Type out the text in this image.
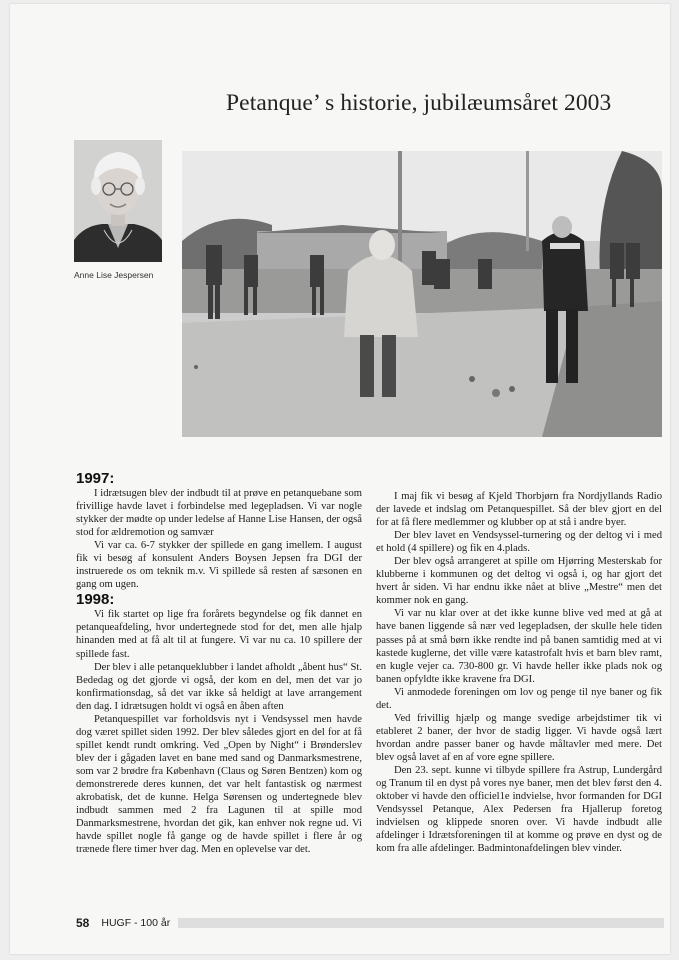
Petanque’ s historie, jubilæumsåret 2003
Anne Lise Jespersen
1997:

I idrætsugen blev der indbudt til at prøve en petanquebane som frivillige havde lavet i forbindelse med legepladsen. Vi var nogle stykker der mødte op under ledelse af Hanne Lise Hansen, der også stod for ældremotion og samvær

Vi var ca. 6-7 stykker der spillede en gang imellem. I august fik vi besøg af konsulent Anders Boysen Jepsen fra DGI der instruerede os om teknik m.v. Vi spillede så resten af sæsonen en gang om ugen.

1998:

Vi fik startet op lige fra forårets begyndelse og fik dannet en petanqueafdeling, hvor undertegnede stod for det, men alle hjalp hinanden med at få alt til at fungere. Vi var nu ca. 10 spillere der spillede fast.

Der blev i alle petanqueklubber i landet afholdt „åbent hus“ St. Bededag og det gjorde vi også, der kom en del, men det var jo konfirmationsdag, så det var ikke så heldigt at lave arrangement den dag. I idrætsugen holdt vi også en åben aften

Petanquespillet var forholdsvis nyt i Vendsyssel men havde dog været spillet siden 1992. Der blev således gjort en del for at få spillet kendt rundt omkring. Ved „Open by Night“ i Brønderslev blev der i gågaden lavet en bane med sand og Danmarksmestrene, som var 2 brødre fra København (Claus og Søren Bentzen) kom og demonstrerede deres kunnen, det var helt fantastisk og nærmest akrobatisk, det de kunne. Helga Sørensen og undertegnede blev indbudt sammen med 2 fra Lagunen til at spille mod Danmarksmestrene, hvordan det gik, kan enhver nok regne ud. Vi havde spillet nogle få gange og de havde spillet i flere år og trænede flere timer hver dag. Men en oplevelse var det.

I maj fik vi besøg af Kjeld Thorbjørn fra Nordjyllands Radio der lavede et indslag om Petanquespillet. Så der blev gjort en del for at få flere medlemmer og klubber op at stå i andre byer.

Der blev lavet en Vendsyssel-turnering og der deltog vi i med et hold (4 spillere) og fik en 4.plads.

Der blev også arrangeret at spille om Hjørring Mesterskab for klubberne i kommunen og det deltog vi også i, og har gjort det hvert år siden. Vi har endnu ikke nået at blive „Mestre“ men det kommer nok en gang.

Vi var nu klar over at det ikke kunne blive ved med at gå at have banen liggende så nær ved legepladsen, der skulle hele tiden passes på at små børn ikke rendte ind på banen samtidig med at vi kastede kuglerne, det ville være katastrofalt hvis et barn blev ramt, en kugle vejer ca. 730-800 gr. Vi havde heller ikke plads nok og banen opfyldte ikke kravene fra DGI.

Vi anmodede foreningen om lov og penge til nye baner og fik det.

Ved frivillig hjælp og mange svedige arbejdstimer tik vi etableret 2 baner, der hvor de stadig ligger. Vi havde også lært hvordan andre passer baner og havde måltavler med mere. Det blev også lavet af en af vore egne spillere.

Den 23. sept. kunne vi tilbyde spillere fra Astrup, Lundergård og Tranum til en dyst på vores nye baner, men det blev først den 4. oktober vi havde den officiel1e indvielse, hvor formanden for DGI Vendsyssel Petanque, Alex Pedersen fra Hjallerup foretog indvielsen og klippede snoren over. Vi havde indbudt alle afdelinger i Idrætsforeningen til at komme og prøve en dyst og de kom fra alle afdelinger. Badmintonafdelingen blev vinder.

58 HUGF - 100 år
